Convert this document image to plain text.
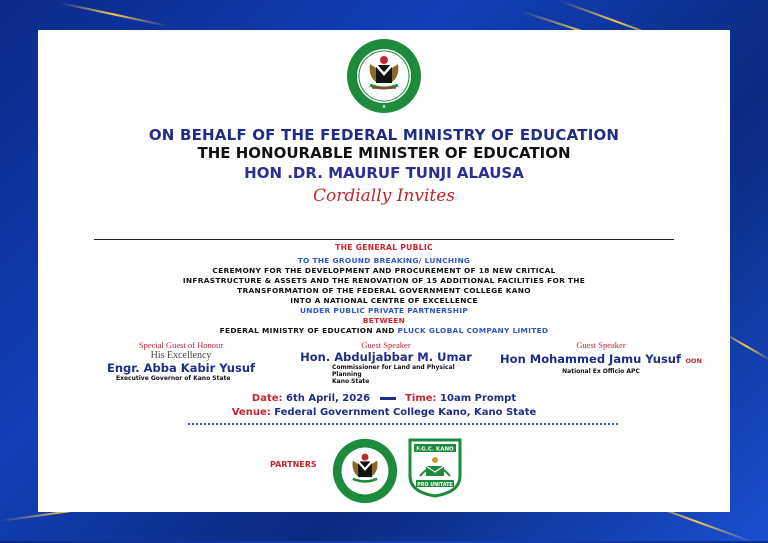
★
ON BEHALF OF THE FEDERAL MINISTRY OF EDUCATION
THE HONOURABLE MINISTER OF EDUCATION
HON .DR. MAURUF TUNJI ALAUSA
Cordially Invites
THE GENERAL PUBLIC
TO THE GROUND BREAKING/ LUNCHING
CEREMONY FOR THE DEVELOPMENT AND PROCUREMENT OF 18 NEW CRITICAL
INFRASTRUCTURE & ASSETS AND THE RENOVATION OF 15 ADDITIONAL FACILITIES FOR THE
TRANSFORMATION OF THE FEDERAL GOVERNMENT COLLEGE KANO
INTO A NATIONAL CENTRE OF EXCELLENCE
UNDER PUBLIC PRIVATE PARTNERSHIP
BETWEEN
FEDERAL MINISTRY OF EDUCATION AND PLUCK GLOBAL COMPANY LIMITED
Special Guest of Honour
His Excellency
Engr. Abba Kabir Yusuf
Executive Governor of Kano State
Guest Speaker
Hon. Abduljabbar M. Umar
Commissioner for Land and Physical Planning
Kano State
Guest Speaker
Hon Mohammed Jamu Yusuf OON
National Ex Officio APC
Date: 6th April, 2026	Time: 10am Prompt
Venue: Federal Government College Kano, Kano State
PARTNERS
F.G.C. KANO
PRO UNITATE
